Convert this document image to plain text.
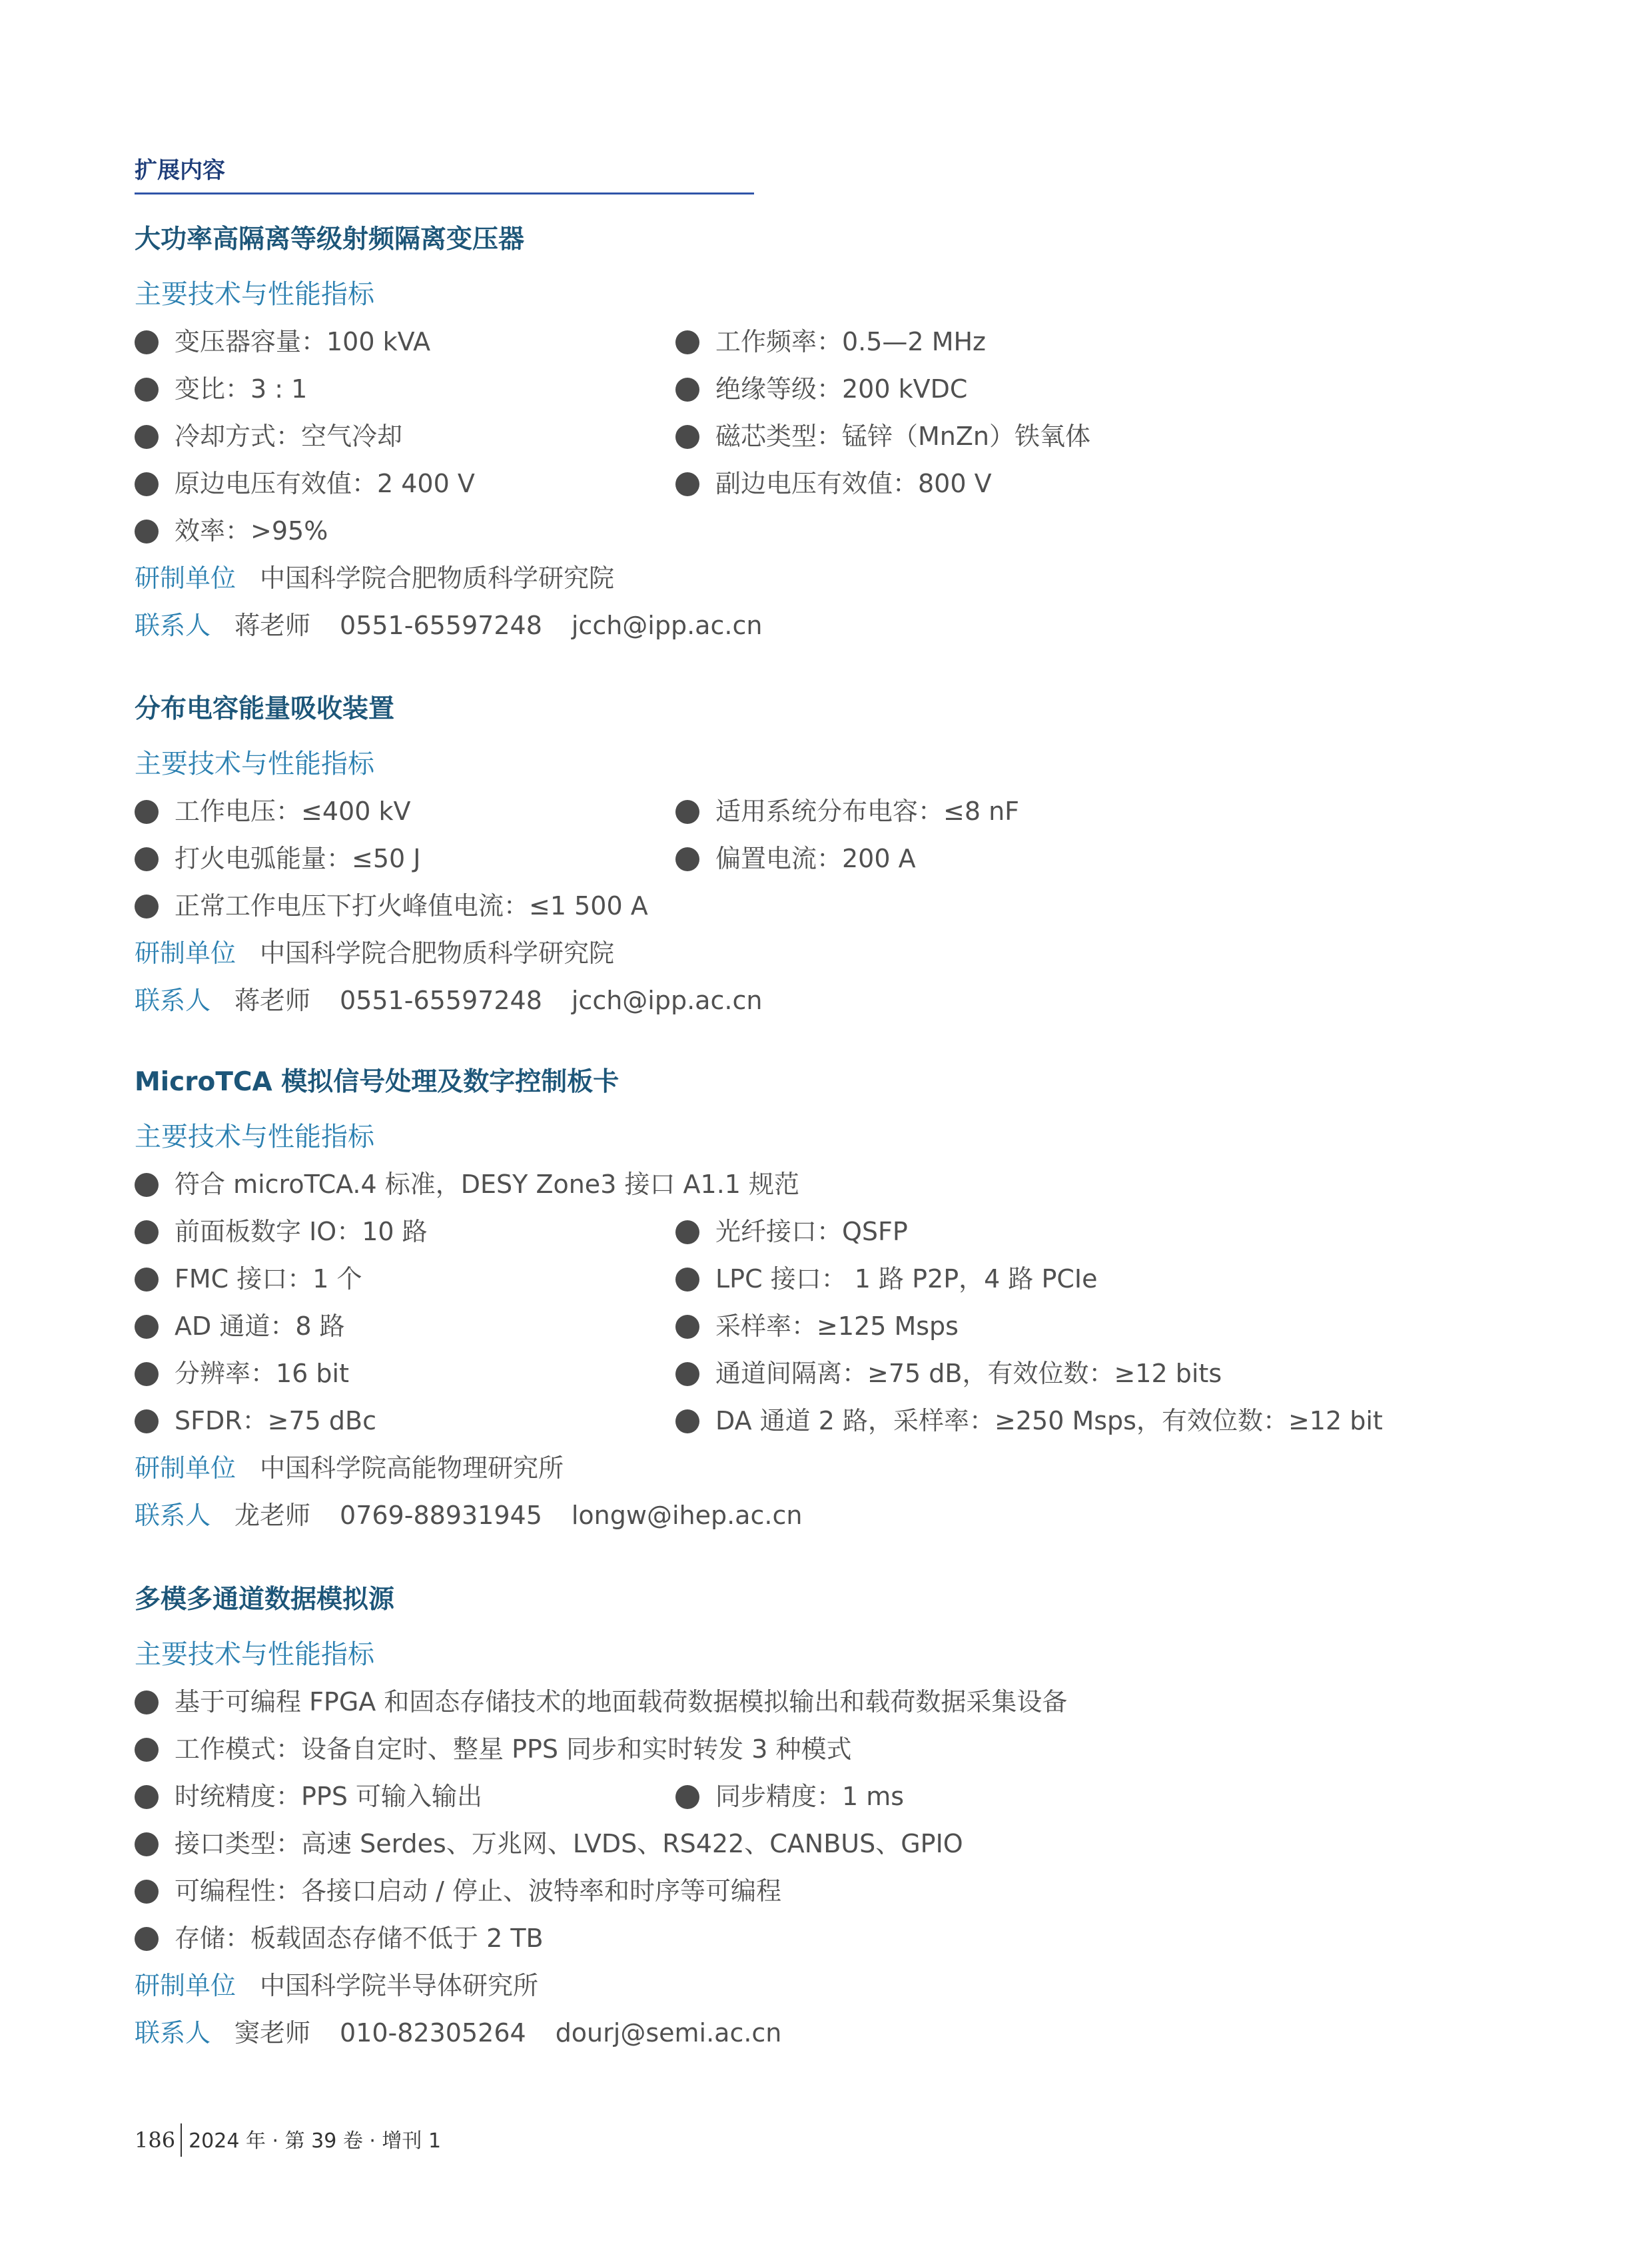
扩展内容
大功率高隔离等级射频隔离变压器
主要技术与性能指标
变压器容量：100 kVA	工作频率：0.5—2 MHz
变比：3 : 1	绝缘等级：200 kVDC
冷却方式：空气冷却	磁芯类型：锰锌（MnZn）铁氧体
原边电压有效值：2 400 V	副边电压有效值：800 V
效率：>95%
研制单位 中国科学院合肥物质科学研究院
联系人 蒋老师 0551-65597248 jcch@ipp.ac.cn
分布电容能量吸收装置
主要技术与性能指标
工作电压：≤400 kV	适用系统分布电容：≤8 nF
打火电弧能量：≤50 J	偏置电流：200 A
正常工作电压下打火峰值电流：≤1 500 A
研制单位 中国科学院合肥物质科学研究院
联系人 蒋老师 0551-65597248 jcch@ipp.ac.cn
MicroTCA 模拟信号处理及数字控制板卡
主要技术与性能指标
符合 microTCA.4 标准，DESY Zone3 接口 A1.1 规范
前面板数字 IO：10 路	光纤接口：QSFP
FMC 接口：1 个	LPC 接口： 1 路 P2P，4 路 PCIe
AD 通道：8 路	采样率：≥125 Msps
分辨率：16 bit	通道间隔离：≥75 dB，有效位数：≥12 bits
SFDR：≥75 dBc	DA 通道 2 路，采样率：≥250 Msps，有效位数：≥12 bit
研制单位 中国科学院高能物理研究所
联系人 龙老师 0769-88931945 longw@ihep.ac.cn
多模多通道数据模拟源
主要技术与性能指标
基于可编程 FPGA 和固态存储技术的地面载荷数据模拟输出和载荷数据采集设备
工作模式：设备自定时、整星 PPS 同步和实时转发 3 种模式
时统精度：PPS 可输入输出	同步精度：1 ms
接口类型：高速 Serdes、万兆网、LVDS、RS422、CANBUS、GPIO
可编程性：各接口启动 / 停止、波特率和时序等可编程
存储：板载固态存储不低于 2 TB
研制单位 中国科学院半导体研究所
联系人 窦老师 010-82305264 dourj@semi.ac.cn
186 2024 年 · 第 39 卷 · 增刊 1
